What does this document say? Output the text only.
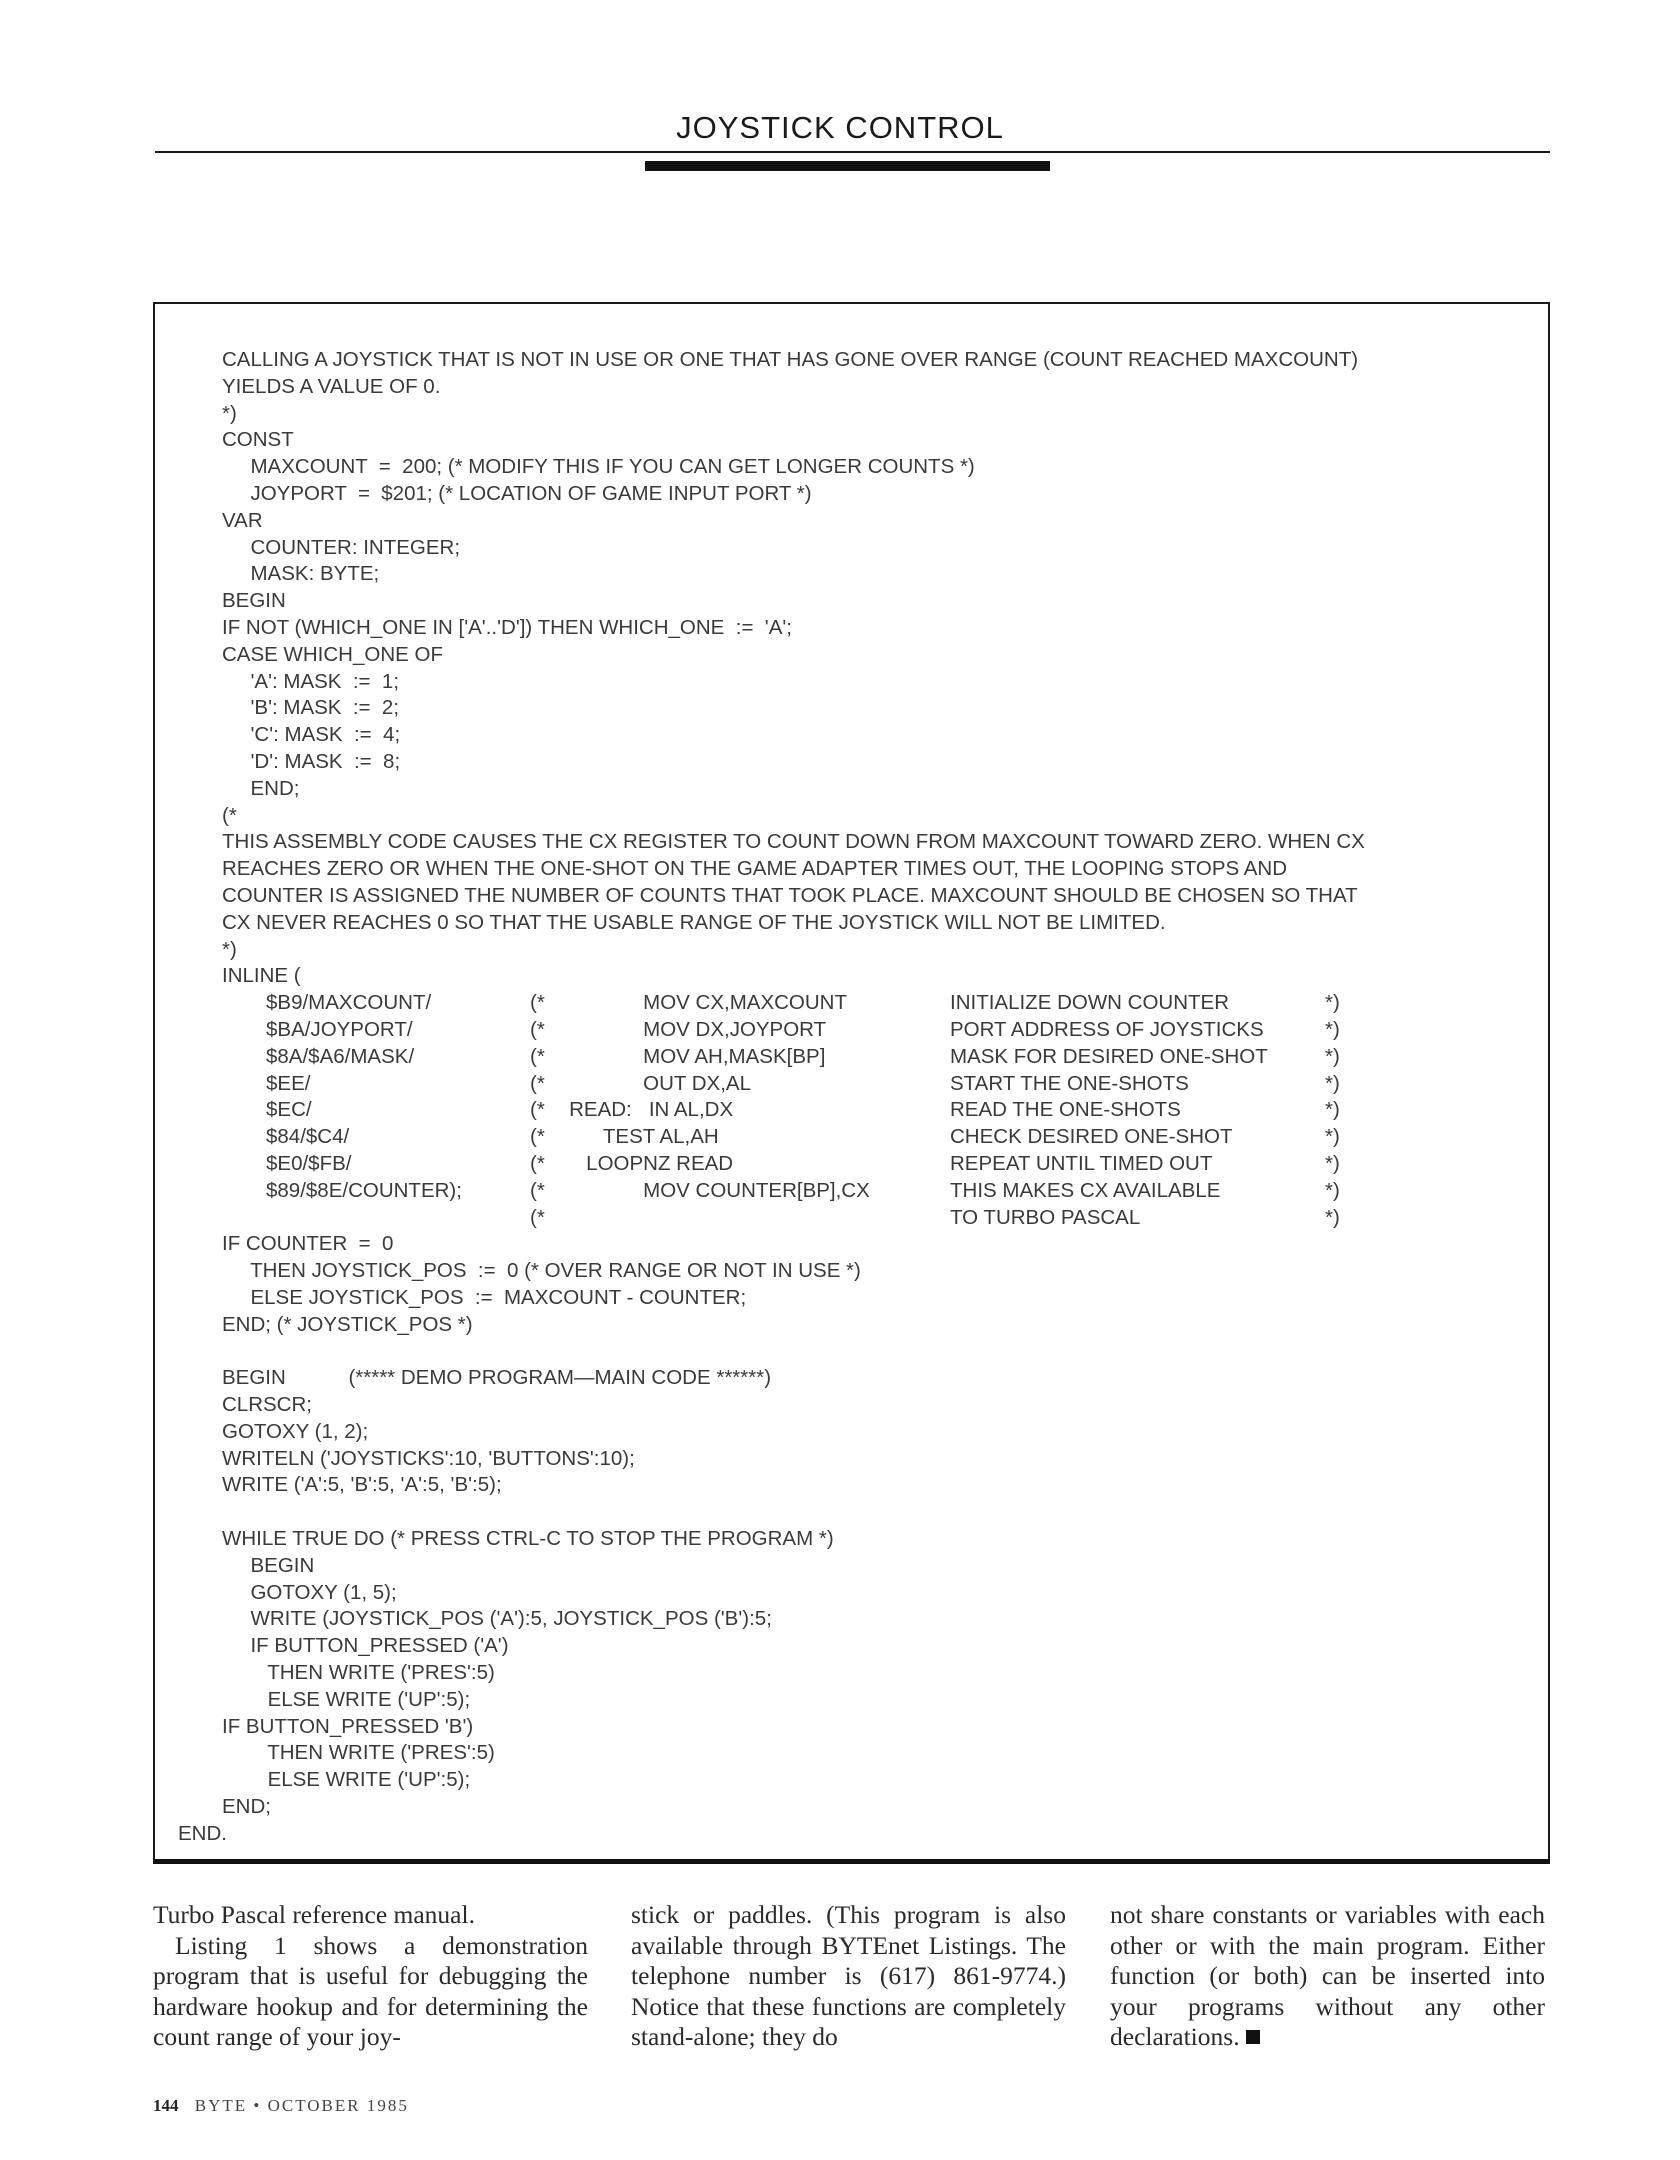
JOYSTICK CONTROL
CALLING A JOYSTICK THAT IS NOT IN USE OR ONE THAT HAS GONE OVER RANGE (COUNT REACHED MAXCOUNT)
YIELDS A VALUE OF 0.
*)
CONST
MAXCOUNT  =  200; (* MODIFY THIS IF YOU CAN GET LONGER COUNTS *)
JOYPORT  =  $201; (* LOCATION OF GAME INPUT PORT *)
VAR
COUNTER: INTEGER;
MASK: BYTE;
BEGIN
IF NOT (WHICH_ONE IN ['A'..'D']) THEN WHICH_ONE  :=  'A';
CASE WHICH_ONE OF
'A': MASK  :=  1;
'B': MASK  :=  2;
'C': MASK  :=  4;
'D': MASK  :=  8;
END;
(*
THIS ASSEMBLY CODE CAUSES THE CX REGISTER TO COUNT DOWN FROM MAXCOUNT TOWARD ZERO. WHEN CX
REACHES ZERO OR WHEN THE ONE-SHOT ON THE GAME ADAPTER TIMES OUT, THE LOOPING STOPS AND
COUNTER IS ASSIGNED THE NUMBER OF COUNTS THAT TOOK PLACE. MAXCOUNT SHOULD BE CHOSEN SO THAT
CX NEVER REACHES 0 SO THAT THE USABLE RANGE OF THE JOYSTICK WILL NOT BE LIMITED.
*)
INLINE (
$B9/MAXCOUNT/	(* MOV CX,MAXCOUNT	INITIALIZE DOWN COUNTER	*)
$BA/JOYPORT/	(* MOV DX,JOYPORT	PORT ADDRESS OF JOYSTICKS	*)
$8A/$A6/MASK/	(* MOV AH,MASK[BP]	MASK FOR DESIRED ONE-SHOT	*)
$EE/	(* OUT DX,AL	START THE ONE-SHOTS	*)
$EC/	(* READ:   IN AL,DX	READ THE ONE-SHOTS	*)
$84/$C4/	(* TEST AL,AH	CHECK DESIRED ONE-SHOT	*)
$E0/$FB/	(* LOOPNZ READ	REPEAT UNTIL TIMED OUT	*)
$89/$8E/COUNTER);	(* MOV COUNTER[BP],CX	THIS MAKES CX AVAILABLE	*)
(*	TO TURBO PASCAL	*)
IF COUNTER  =  0
THEN JOYSTICK_POS  :=  0 (* OVER RANGE OR NOT IN USE *)
ELSE JOYSTICK_POS  :=  MAXCOUNT - COUNTER;
END; (* JOYSTICK_POS *)
BEGIN           (***** DEMO PROGRAM—MAIN CODE ******)
CLRSCR;
GOTOXY (1, 2);
WRITELN ('JOYSTICKS':10, 'BUTTONS':10);
WRITE ('A':5, 'B':5, 'A':5, 'B':5);
WHILE TRUE DO (* PRESS CTRL-C TO STOP THE PROGRAM *)
BEGIN
GOTOXY (1, 5);
WRITE (JOYSTICK_POS ('A'):5, JOYSTICK_POS ('B'):5;
IF BUTTON_PRESSED ('A')
THEN WRITE ('PRES':5)
ELSE WRITE ('UP':5);
IF BUTTON_PRESSED 'B')
THEN WRITE ('PRES':5)
ELSE WRITE ('UP':5);
END;
END.

Turbo Pascal reference manual.

Listing 1 shows a demonstration program that is useful for debugging the hardware hookup and for determining the count range of your joy-

stick or paddles. (This program is also available through BYTEnet Listings. The telephone number is (617) 861-9774.) Notice that these functions are completely stand-alone; they do

not share constants or variables with each other or with the main program. Either function (or both) can be inserted into your programs without any other declarations.

144 BYTE • OCTOBER 1985
